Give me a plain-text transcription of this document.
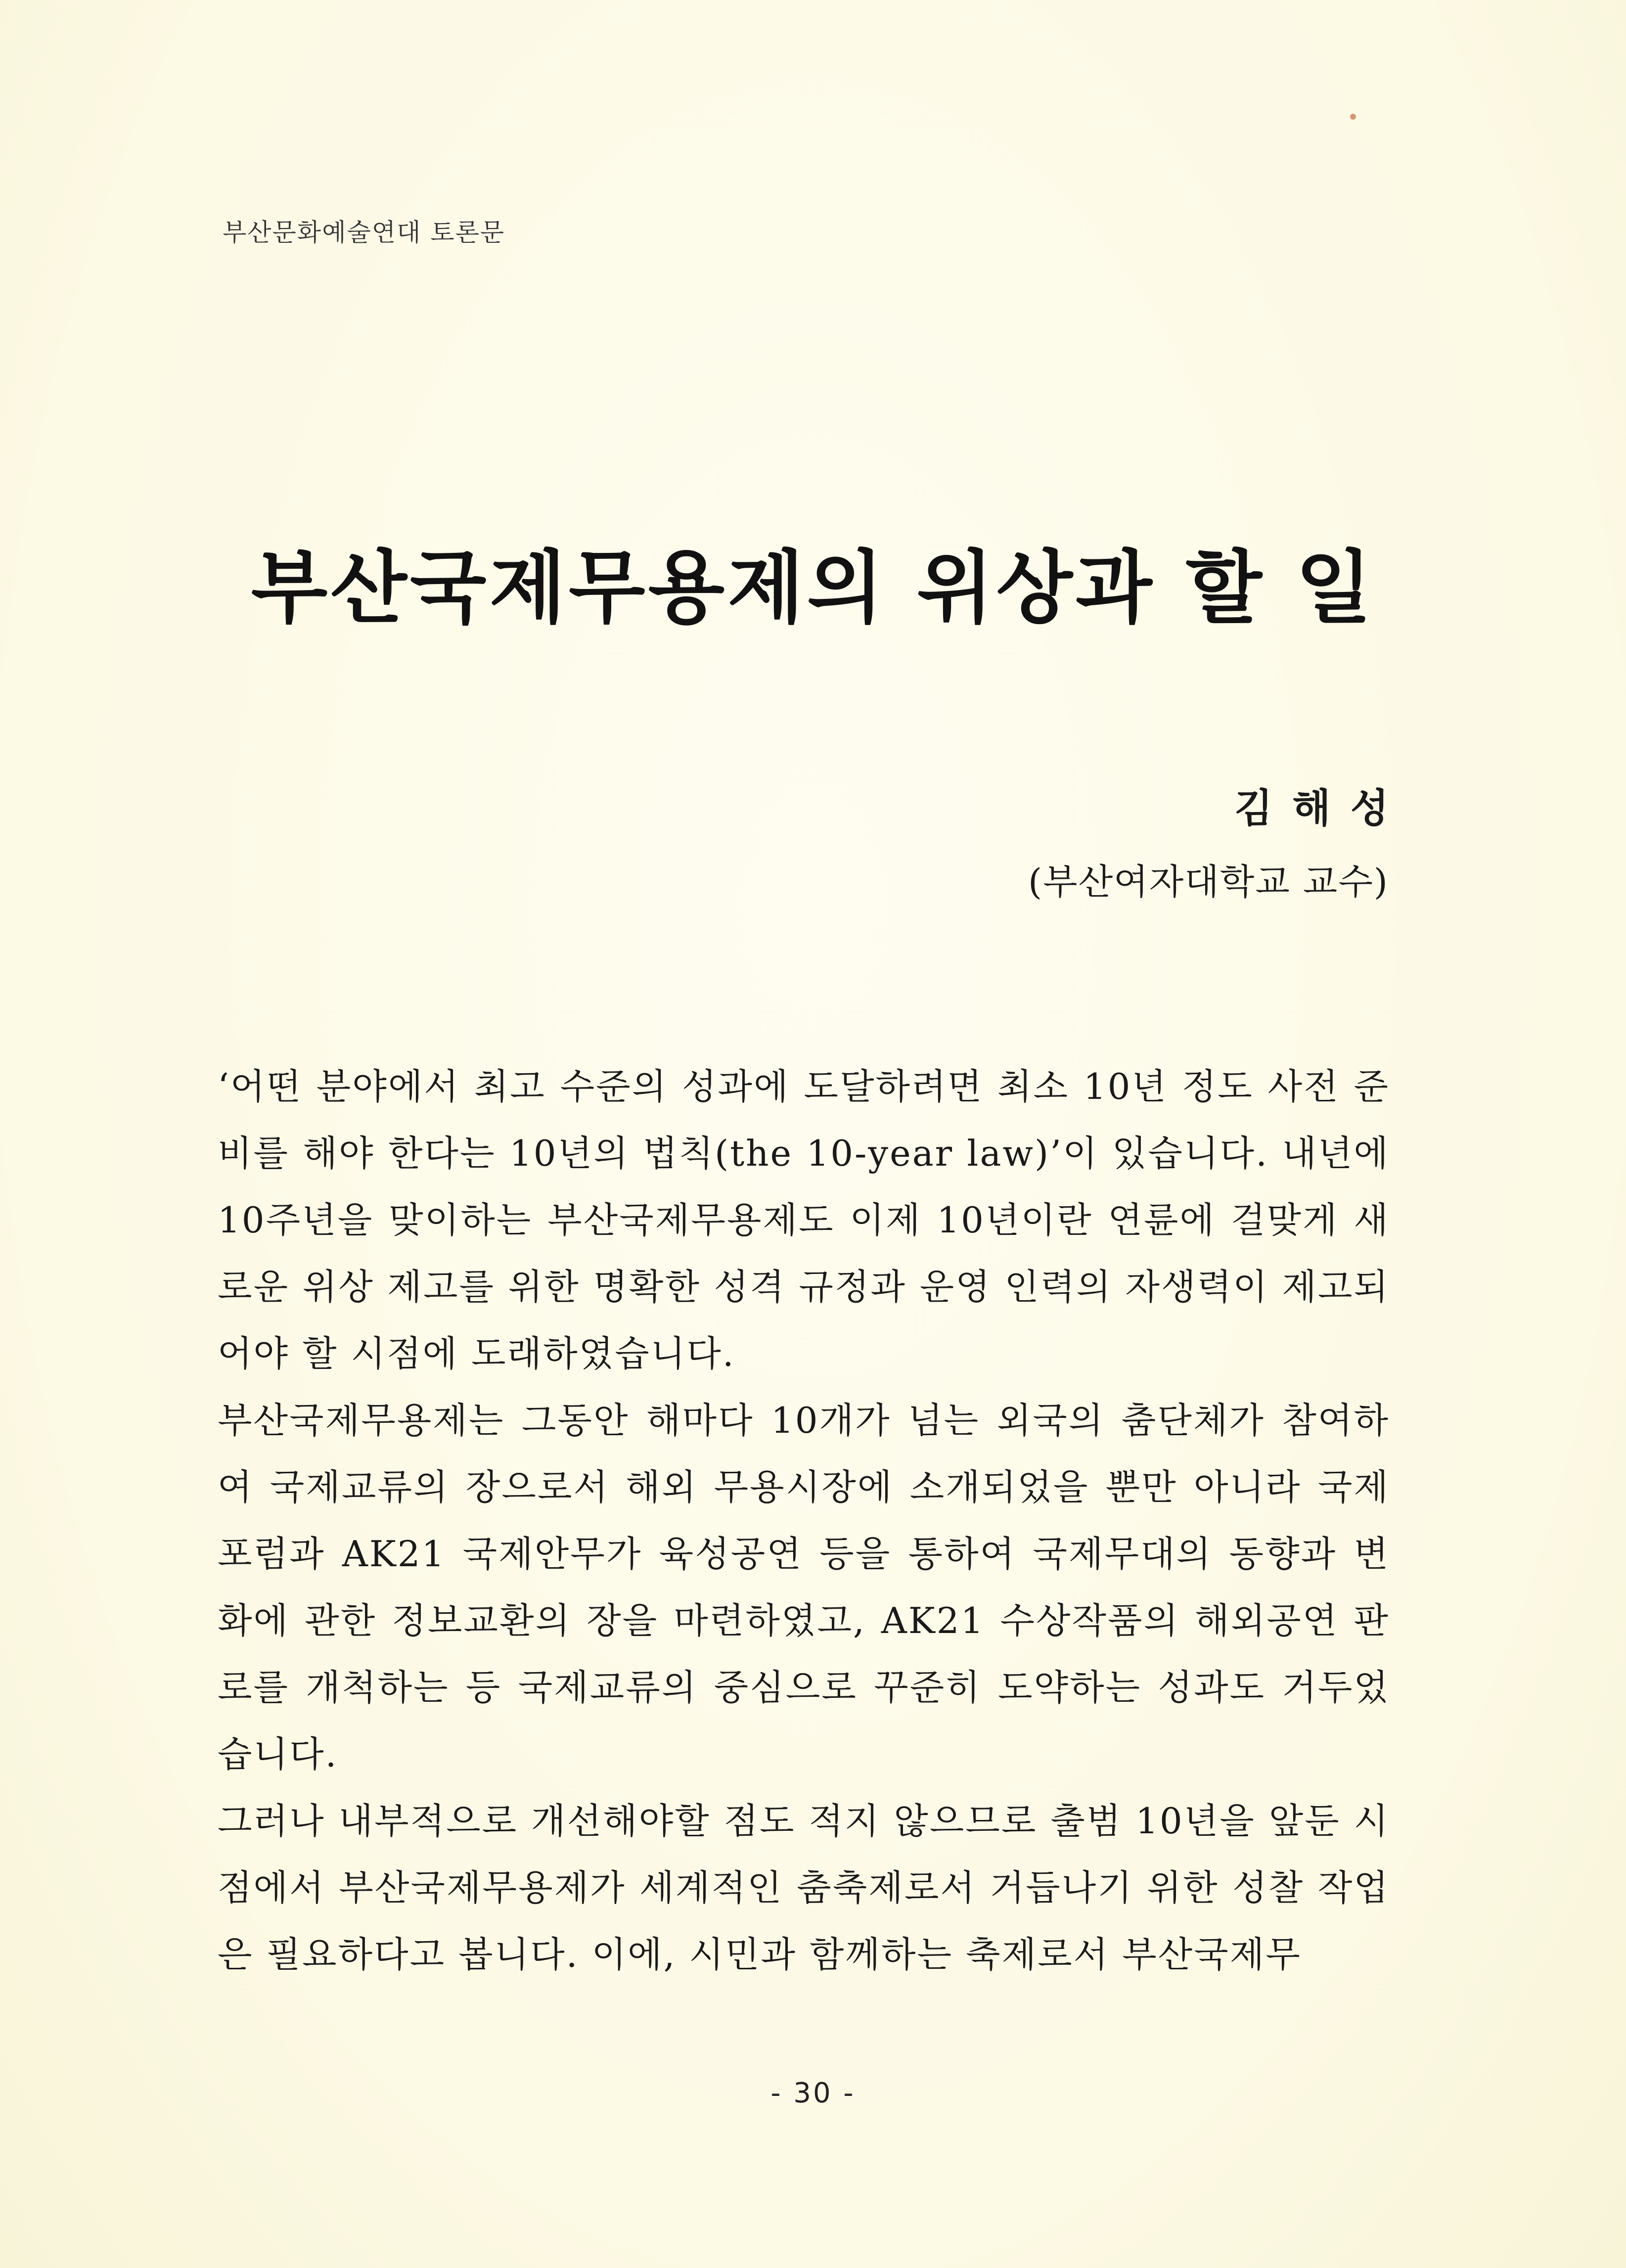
부산문화예술연대 토론문
부산국제무용제의 위상과 할 일
김해성
(부산여자대학교 교수)

‘어떤 분야에서 최고 수준의 성과에 도달하려면 최소 10년 정도 사전 준비를 해야 한다는 10년의 법칙(the 10-year law)’이 있습니다. 내년에 10주년을 맞이하는 부산국제무용제도 이제 10년이란 연륜에 걸맞게 새로운 위상 제고를 위한 명확한 성격 규정과 운영 인력의 자생력이 제고되어야 할 시점에 도래하였습니다.

부산국제무용제는 그동안 해마다 10개가 넘는 외국의 춤단체가 참여하여 국제교류의 장으로서 해외 무용시장에 소개되었을 뿐만 아니라 국제포럼과 AK21 국제안무가 육성공연 등을 통하여 국제무대의 동향과 변화에 관한 정보교환의 장을 마련하였고, AK21 수상작품의 해외공연 판로를 개척하는 등 국제교류의 중심으로 꾸준히 도약하는 성과도 거두었습니다.

그러나 내부적으로 개선해야할 점도 적지 않으므로 출범 10년을 앞둔 시점에서 부산국제무용제가 세계적인 춤축제로서 거듭나기 위한 성찰 작업은 필요하다고 봅니다. 이에, 시민과 함께하는 축제로서 부산국제무

- 30 -
